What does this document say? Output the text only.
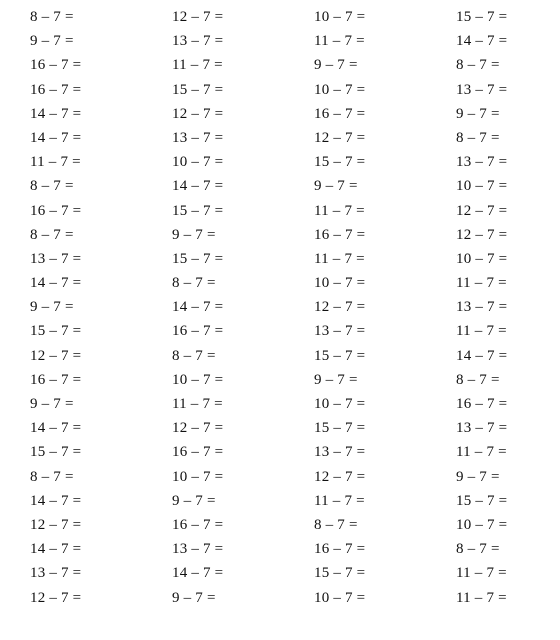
8 – 7 =	12 – 7 =	10 – 7 =	15 – 7 =
9 – 7 =	13 – 7 =	11 – 7 =	14 – 7 =
16 – 7 =	11 – 7 =	9 – 7 =	8 – 7 =
16 – 7 =	15 – 7 =	10 – 7 =	13 – 7 =
14 – 7 =	12 – 7 =	16 – 7 =	9 – 7 =
14 – 7 =	13 – 7 =	12 – 7 =	8 – 7 =
11 – 7 =	10 – 7 =	15 – 7 =	13 – 7 =
8 – 7 =	14 – 7 =	9 – 7 =	10 – 7 =
16 – 7 =	15 – 7 =	11 – 7 =	12 – 7 =
8 – 7 =	9 – 7 =	16 – 7 =	12 – 7 =
13 – 7 =	15 – 7 =	11 – 7 =	10 – 7 =
14 – 7 =	8 – 7 =	10 – 7 =	11 – 7 =
9 – 7 =	14 – 7 =	12 – 7 =	13 – 7 =
15 – 7 =	16 – 7 =	13 – 7 =	11 – 7 =
12 – 7 =	8 – 7 =	15 – 7 =	14 – 7 =
16 – 7 =	10 – 7 =	9 – 7 =	8 – 7 =
9 – 7 =	11 – 7 =	10 – 7 =	16 – 7 =
14 – 7 =	12 – 7 =	15 – 7 =	13 – 7 =
15 – 7 =	16 – 7 =	13 – 7 =	11 – 7 =
8 – 7 =	10 – 7 =	12 – 7 =	9 – 7 =
14 – 7 =	9 – 7 =	11 – 7 =	15 – 7 =
12 – 7 =	16 – 7 =	8 – 7 =	10 – 7 =
14 – 7 =	13 – 7 =	16 – 7 =	8 – 7 =
13 – 7 =	14 – 7 =	15 – 7 =	11 – 7 =
12 – 7 =	9 – 7 =	10 – 7 =	11 – 7 =
